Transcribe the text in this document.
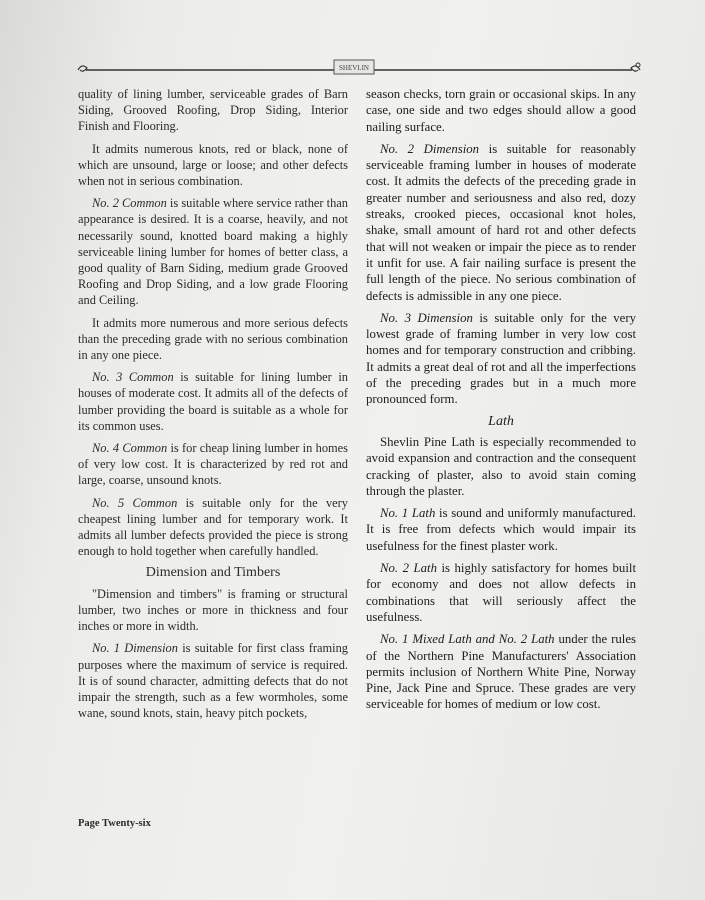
SHEVLIN

quality of lining lumber, serviceable grades of Barn Siding, Grooved Roofing, Drop Siding, Interior Finish and Flooring.

It admits numerous knots, red or black, none of which are unsound, large or loose; and other defects when not in serious combination.

No. 2 Common is suitable where service rather than appearance is desired. It is a coarse, heavily, and not necessarily sound, knotted board making a highly serviceable lining lumber for homes of better class, a good quality of Barn Siding, medium grade Grooved Roofing and Drop Siding, and a low grade Flooring and Ceiling.

It admits more numerous and more serious defects than the preceding grade with no serious combination in any one piece.

No. 3 Common is suitable for lining lumber in houses of moderate cost. It admits all of the defects of lumber providing the board is suitable as a whole for its common uses.

No. 4 Common is for cheap lining lumber in homes of very low cost. It is characterized by red rot and large, coarse, unsound knots.

No. 5 Common is suitable only for the very cheapest lining lumber and for temporary work. It admits all lumber defects provided the piece is strong enough to hold together when carefully handled.

Dimension and Timbers

"Dimension and timbers" is framing or structural lumber, two inches or more in thickness and four inches or more in width.

No. 1 Dimension is suitable for first class framing purposes where the maximum of service is required. It is of sound character, admitting defects that do not impair the strength, such as a few wormholes, some wane, sound knots, stain, heavy pitch pockets,

season checks, torn grain or occasional skips. In any case, one side and two edges should allow a good nailing surface.

No. 2 Dimension is suitable for reasonably serviceable framing lumber in houses of moderate cost. It admits the defects of the preceding grade in greater number and seriousness and also red, dozy streaks, crooked pieces, occasional knot holes, shake, small amount of hard rot and other defects that will not weaken or impair the piece as to render it unfit for use. A fair nailing surface is present the full length of the piece. No serious combination of defects is admissible in any one piece.

No. 3 Dimension is suitable only for the very lowest grade of framing lumber in very low cost homes and for temporary construction and cribbing. It admits a great deal of rot and all the imperfections of the preceding grades but in a much more pronounced form.

Lath

Shevlin Pine Lath is especially recommended to avoid expansion and contraction and the consequent cracking of plaster, also to avoid stain coming through the plaster.

No. 1 Lath is sound and uniformly manufactured. It is free from defects which would impair its usefulness for the finest plaster work.

No. 2 Lath is highly satisfactory for homes built for economy and does not allow defects in combinations that will seriously affect the usefulness.

No. 1 Mixed Lath and No. 2 Lath under the rules of the Northern Pine Manufacturers' Association permits inclusion of Northern White Pine, Norway Pine, Jack Pine and Spruce. These grades are very serviceable for homes of medium or low cost.

Page Twenty-six
